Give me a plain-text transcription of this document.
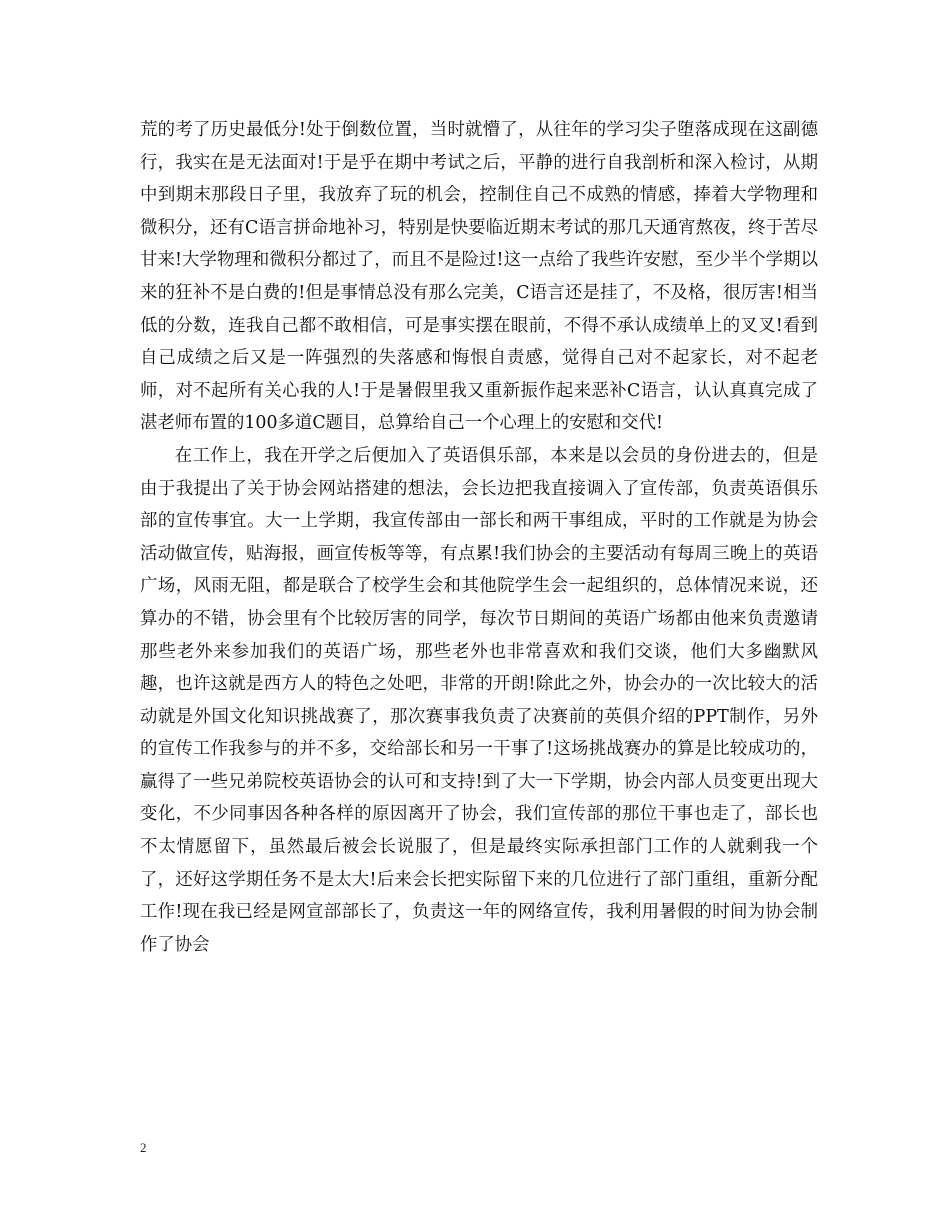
荒的考了历史最低分!处于倒数位置，当时就懵了，从往年的学习尖子堕落成现在这副德行，我实在是无法面对!于是乎在期中考试之后，平静的进行自我剖析和深入检讨，从期中到期末那段日子里，我放弃了玩的机会，控制住自己不成熟的情感，捧着大学物理和微积分，还有C语言拼命地补习，特别是快要临近期末考试的那几天通宵熬夜，终于苦尽甘来!大学物理和微积分都过了，而且不是险过!这一点给了我些许安慰，至少半个学期以来的狂补不是白费的!但是事情总没有那么完美，C语言还是挂了，不及格，很厉害!相当低的分数，连我自己都不敢相信，可是事实摆在眼前，不得不承认成绩单上的叉叉!看到自己成绩之后又是一阵强烈的失落感和悔恨自责感，觉得自己对不起家长，对不起老师，对不起所有关心我的人!于是暑假里我又重新振作起来恶补C语言，认认真真完成了湛老师布置的100多道C题目，总算给自己一个心理上的安慰和交代!

在工作上，我在开学之后便加入了英语俱乐部，本来是以会员的身份进去的，但是由于我提出了关于协会网站搭建的想法，会长边把我直接调入了宣传部，负责英语俱乐部的宣传事宜。大一上学期，我宣传部由一部长和两干事组成，平时的工作就是为协会活动做宣传，贴海报，画宣传板等等，有点累!我们协会的主要活动有每周三晚上的英语广场，风雨无阻，都是联合了校学生会和其他院学生会一起组织的，总体情况来说，还算办的不错，协会里有个比较厉害的同学，每次节日期间的英语广场都由他来负责邀请那些老外来参加我们的英语广场，那些老外也非常喜欢和我们交谈，他们大多幽默风趣，也许这就是西方人的特色之处吧，非常的开朗!除此之外，协会办的一次比较大的活动就是外国文化知识挑战赛了，那次赛事我负责了决赛前的英俱介绍的PPT制作，另外的宣传工作我参与的并不多，交给部长和另一干事了!这场挑战赛办的算是比较成功的，赢得了一些兄弟院校英语协会的认可和支持!到了大一下学期，协会内部人员变更出现大变化，不少同事因各种各样的原因离开了协会，我们宣传部的那位干事也走了，部长也不太情愿留下，虽然最后被会长说服了，但是最终实际承担部门工作的人就剩我一个了，还好这学期任务不是太大!后来会长把实际留下来的几位进行了部门重组，重新分配工作!现在我已经是网宣部部长了，负责这一年的网络宣传，我利用暑假的时间为协会制作了协会

2
